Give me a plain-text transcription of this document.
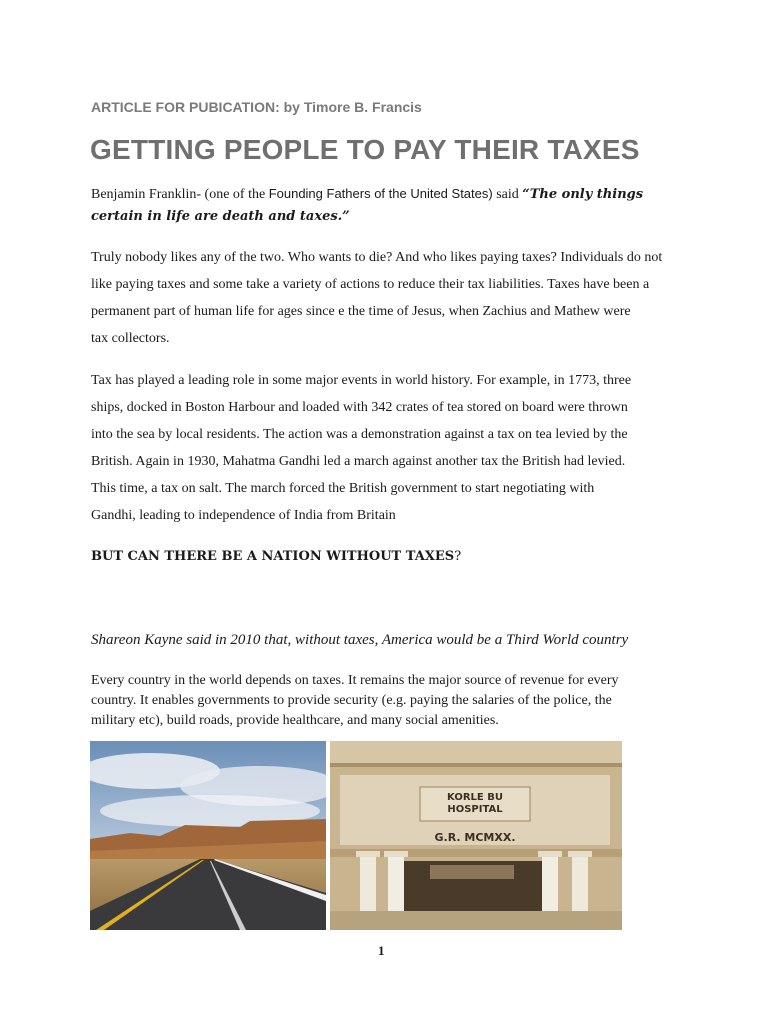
ARTICLE FOR PUBICATION: by Timore B. Francis
GETTING PEOPLE TO PAY THEIR TAXES
Benjamin Franklin- (one of the Founding Fathers of the United States) said “The only things
certain in life are death and taxes.”
Truly nobody likes any of the two. Who wants to die? And who likes paying taxes? Individuals do not
like paying taxes and some take a variety of actions to reduce their tax liabilities. Taxes have been a
permanent part of human life for ages since e the time of Jesus, when Zachius and Mathew were
tax collectors.
Tax has played a leading role in some major events in world history. For example, in 1773, three
ships, docked in Boston Harbour and loaded with 342 crates of tea stored on board were thrown
into the sea by local residents. The action was a demonstration against a tax on tea levied by the
British. Again in 1930, Mahatma Gandhi led a march against another tax the British had levied.
This time, a tax on salt. The march forced the British government to start negotiating with
Gandhi, leading to independence of India from Britain
BUT CAN THERE BE A NATION WITHOUT TAXES?
Shareon Kayne said in 2010 that, without taxes, America would be a Third World country
Every country in the world depends on taxes. It remains the major source of revenue for every
country. It enables governments to provide security (e.g. paying the salaries of the police, the
military etc), build roads, provide healthcare, and many social amenities.
KORLE BU
HOSPITAL
G.R. MCMXX.
1
